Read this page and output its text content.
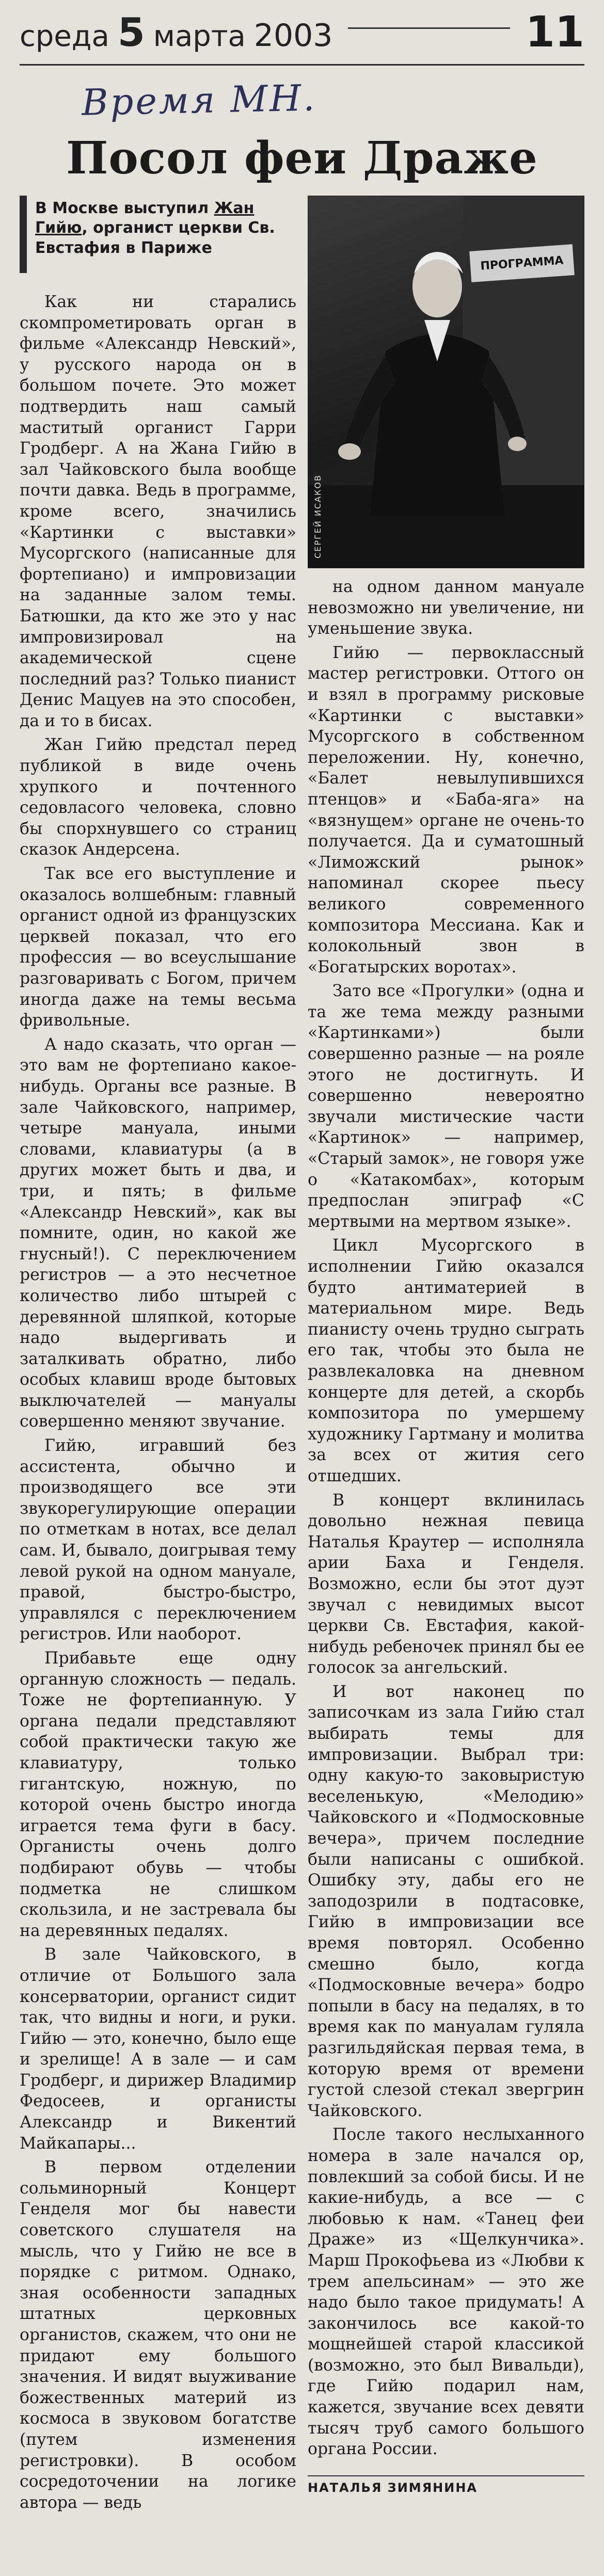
среда 5 марта 2003	11
Время МН.
Посол феи Драже
В Москве выступил Жан Гийю, органист церкви Св. Евстафия в Париже

Как ни старались скомпрометировать орган в фильме «Александр Невский», у русского народа он в большом почете. Это может подтвердить наш самый маститый органист Гарри Гродберг. А на Жана Гийю в зал Чайковского была вообще почти давка. Ведь в программе, кроме всего, значились «Картинки с выставки» Мусоргского (написанные для фортепиано) и импровизации на заданные залом темы. Батюшки, да кто же это у нас импровизировал на академической сцене последний раз? Только пианист Денис Мацуев на это способен, да и то в бисах.

Жан Гийю предстал перед публикой в виде очень хрупкого и почтенного седовласого человека, словно бы спорхнувшего со страниц сказок Андерсена.

Так все его выступление и оказалось волшебным: главный органист одной из французских церквей показал, что его профессия — во всеуслышание разговаривать с Богом, причем иногда даже на темы весьма фривольные.

А надо сказать, что орган — это вам не фортепиано какое-нибудь. Органы все разные. В зале Чайковского, например, четыре мануала, иными словами, клавиатуры (а в других может быть и два, и три, и пять; в фильме «Александр Невский», как вы помните, один, но какой же гнусный!). С переключением регистров — а это несчетное количество либо штырей с деревянной шляпкой, которые надо выдергивать и заталкивать обратно, либо особых клавиш вроде бытовых выключателей — мануалы совершенно меняют звучание.

Гийю, игравший без ассистента, обычно и производящего все эти звукорегулирующие операции по отметкам в нотах, все делал сам. И, бывало, доигрывая тему левой рукой на одном мануале, правой, быстро-быстро, управлялся с переключением регистров. Или наоборот.

Прибавьте еще одну органную сложность — педаль. Тоже не фортепианную. У органа педали представляют собой практически такую же клавиатуру, только гигантскую, ножную, по которой очень быстро иногда играется тема фуги в басу. Органисты очень долго подбирают обувь — чтобы подметка не слишком скользила, и не застревала бы на деревянных педалях.

В зале Чайковского, в отличие от Большого зала консерватории, органист сидит так, что видны и ноги, и руки. Гийю — это, конечно, было еще и зрелище! А в зале — и сам Гродберг, и дирижер Владимир Федосеев, и органисты Александр и Викентий Майкапары...

В первом отделении сольминорный Концерт Генделя мог бы навести советского слушателя на мысль, что у Гийю не все в порядке с ритмом. Однако, зная особенности западных штатных церковных органистов, скажем, что они не придают ему большого значения. И видят выуживание божественных материй из космоса в звуковом богатстве (путем изменения регистровки). В особом сосредоточении на логике автора — ведь

ПРОГРАММА
СЕРГЕЙ ИСАКОВ

на одном данном мануале невозможно ни увеличение, ни уменьшение звука.

Гийю — первоклассный мастер регистровки. Оттого он и взял в программу рисковые «Картинки с выставки» Мусоргского в собственном переложении. Ну, конечно, «Балет невылупившихся птенцов» и «Баба-яга» на «вязнущем» органе не очень-то получается. Да и суматошный «Лиможский рынок» напоминал скорее пьесу великого современного композитора Мессиана. Как и колокольный звон в «Богатырских воротах».

Зато все «Прогулки» (одна и та же тема между разными «Картинками») были совершенно разные — на рояле этого не достигнуть. И совершенно невероятно звучали мистические части «Картинок» — например, «Старый замок», не говоря уже о «Катакомбах», которым предпослан эпиграф «С мертвыми на мертвом языке».

Цикл Мусоргского в исполнении Гийю оказался будто антиматерией в материальном мире. Ведь пианисту очень трудно сыграть его так, чтобы это была не развлекаловка на дневном концерте для детей, а скорбь композитора по умершему художнику Гартману и молитва за всех от жития сего отшедших.

В концерт вклинилась довольно нежная певица Наталья Краутер — исполняла арии Баха и Генделя. Возможно, если бы этот дуэт звучал с невидимых высот церкви Св. Евстафия, какой-нибудь ребеночек принял бы ее голосок за ангельский.

И вот наконец по записочкам из зала Гийю стал выбирать темы для импровизации. Выбрал три: одну какую-то заковыристую веселенькую, «Мелодию» Чайковского и «Подмосковные вечера», причем последние были написаны с ошибкой. Ошибку эту, дабы его не заподозрили в подтасовке, Гийю в импровизации все время повторял. Особенно смешно было, когда «Подмосковные вечера» бодро попыли в басу на педалях, в то время как по мануалам гуляла разгильдяйская первая тема, в которую время от времени густой слезой стекал звергрин Чайковского.

После такого неслыханного номера в зале начался ор, повлекший за собой бисы. И не какие-нибудь, а все — с любовью к нам. «Танец феи Драже» из «Щелкунчика». Марш Прокофьева из «Любви к трем апельсинам» — это же надо было такое придумать! А закончилось все какой-то мощнейшей старой классикой (возможно, это был Вивальди), где Гийю подарил нам, кажется, звучание всех девяти тысяч труб самого большого органа России.

НАТАЛЬЯ ЗИМЯНИНА
